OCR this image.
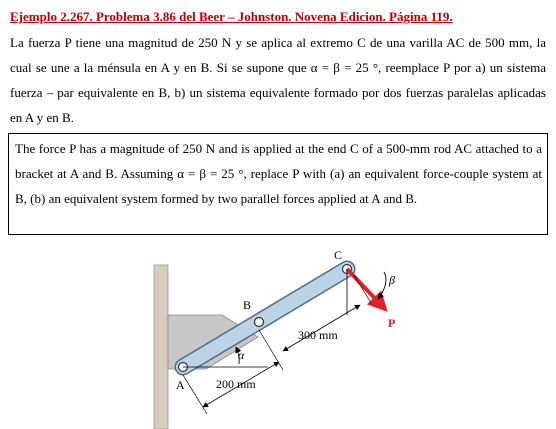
Ejemplo 2.267. Problema 3.86 del Beer – Johnston. Novena Edicion. Página 119.
La fuerza P tiene una magnitud de 250 N y se aplica al extremo C de una varilla AC de 500 mm, la cual se une a la ménsula en A y en B. Si se supone que α = β = 25 °, reemplace P por a) un sistema fuerza – par equivalente en B, b) un sistema equivalente formado por dos fuerzas paralelas aplicadas en A y en B.
The force P has a magnitude of 250 N and is applied at the end C of a 500-mm rod AC attached to a bracket at A and B. Assuming α = β = 25 °, replace P with (a) an equivalent force-couple system at B, (b) an equivalent system formed by two parallel forces applied at A and B.
A
B
C
P
α
β
200 mm
300 mm
